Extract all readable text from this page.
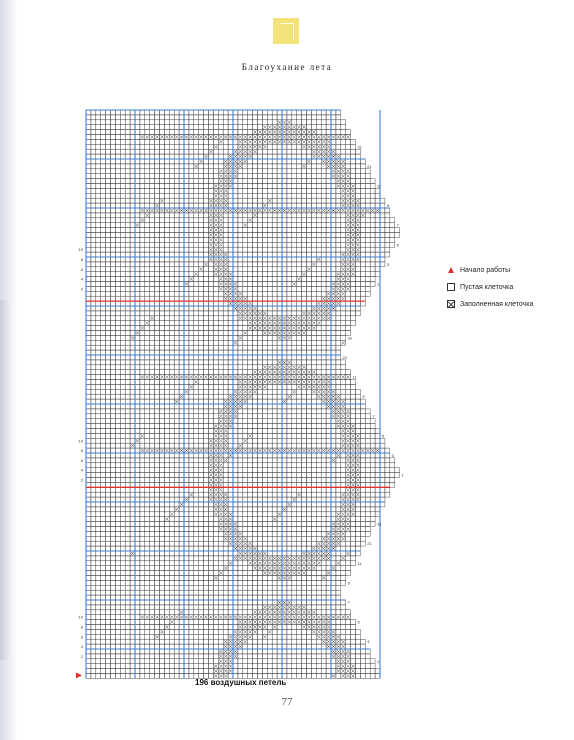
Благоухание лета
10
8
6
4
2
10
8
6
4
2
10
8
6
4
2
31
21
11
9
7
5
3
1
31
21
11
9
7
5
3
1
31
21
11
9
7
5
3
1
Начало работы
Пустая клеточка
Заполненная клеточка
196 воздушных петель
77
